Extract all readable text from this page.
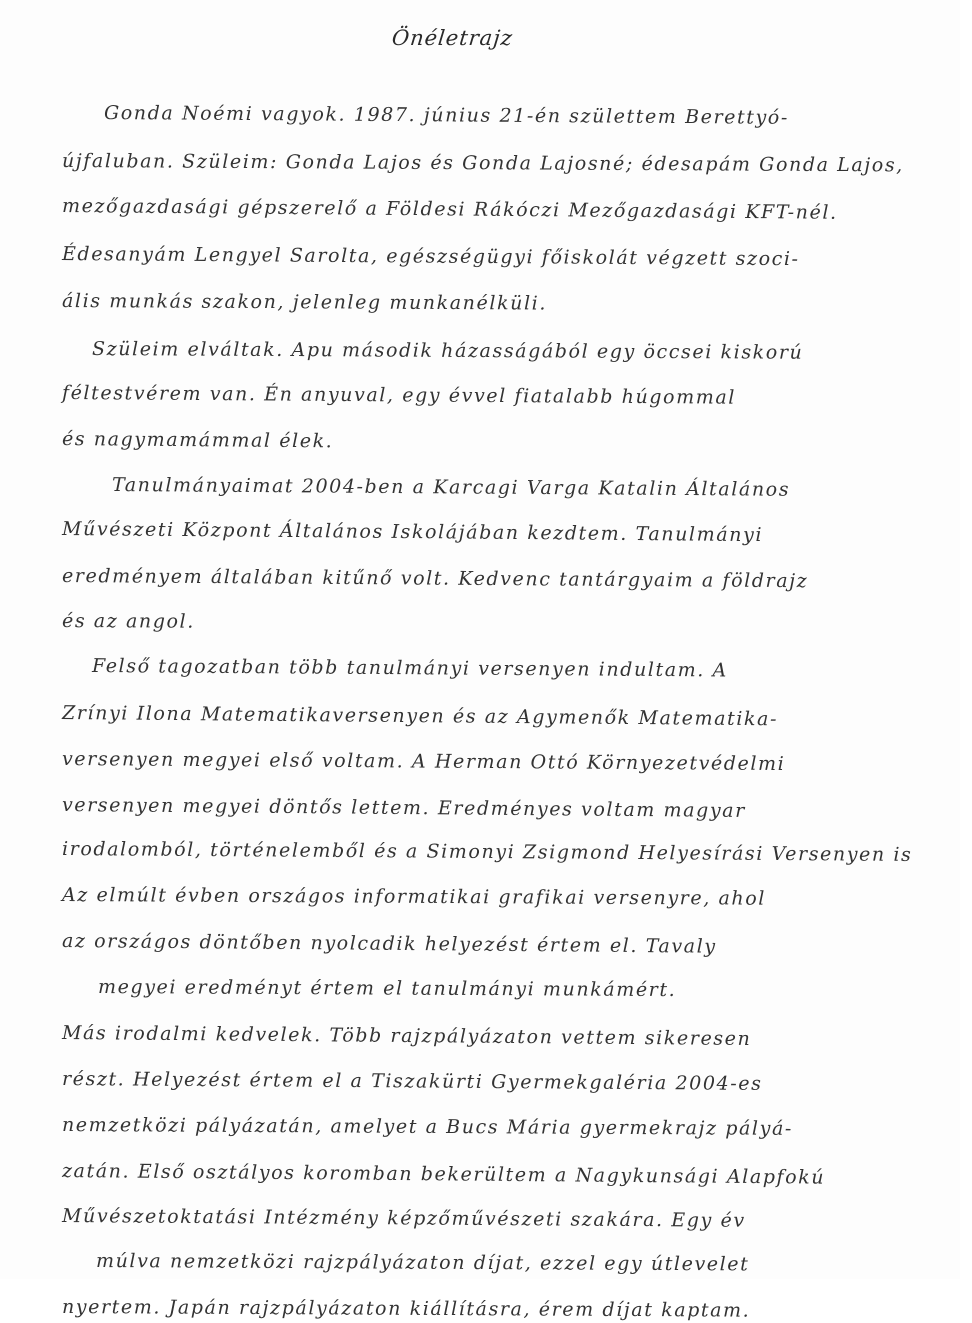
Önéletrajz
Gonda Noémi vagyok. 1987. június 21-én születtem Berettyó-
újfaluban. Szüleim: Gonda Lajos és Gonda Lajosné; édesapám Gonda Lajos,
mezőgazdasági gépszerelő a Földesi Rákóczi Mezőgazdasági KFT-nél.
Édesanyám Lengyel Sarolta, egészségügyi főiskolát végzett szoci-
ális munkás szakon, jelenleg munkanélküli.
Szüleim elváltak. Apu második házasságából egy öccsei kiskorú
féltestvérem van. Én anyuval, egy évvel fiatalabb húgommal
és nagymamámmal élek.
Tanulmányaimat 2004-ben a Karcagi Varga Katalin Általános
Művészeti Központ Általános Iskolájában kezdtem. Tanulmányi
eredményem általában kitűnő volt. Kedvenc tantárgyaim a földrajz
és az angol.
Felső tagozatban több tanulmányi versenyen indultam. A
Zrínyi Ilona Matematikaversenyen és az Agymenők Matematika-
versenyen megyei első voltam. A Herman Ottó Környezetvédelmi
versenyen megyei döntős lettem. Eredményes voltam magyar
irodalomból, történelemből és a Simonyi Zsigmond Helyesírási Versenyen is
Az elmúlt évben országos informatikai grafikai versenyre, ahol
az országos döntőben nyolcadik helyezést értem el. Tavaly
megyei eredményt értem el tanulmányi munkámért.
Más irodalmi kedvelek. Több rajzpályázaton vettem sikeresen
részt. Helyezést értem el a Tiszakürti Gyermekgaléria 2004-es
nemzetközi pályázatán, amelyet a Bucs Mária gyermekrajz pályá-
zatán. Első osztályos koromban bekerültem a Nagykunsági Alapfokú
Művészetoktatási Intézmény képzőművészeti szakára. Egy év
múlva nemzetközi rajzpályázaton díjat, ezzel egy útlevelet
nyertem. Japán rajzpályázaton kiállításra, érem díjat kaptam.
